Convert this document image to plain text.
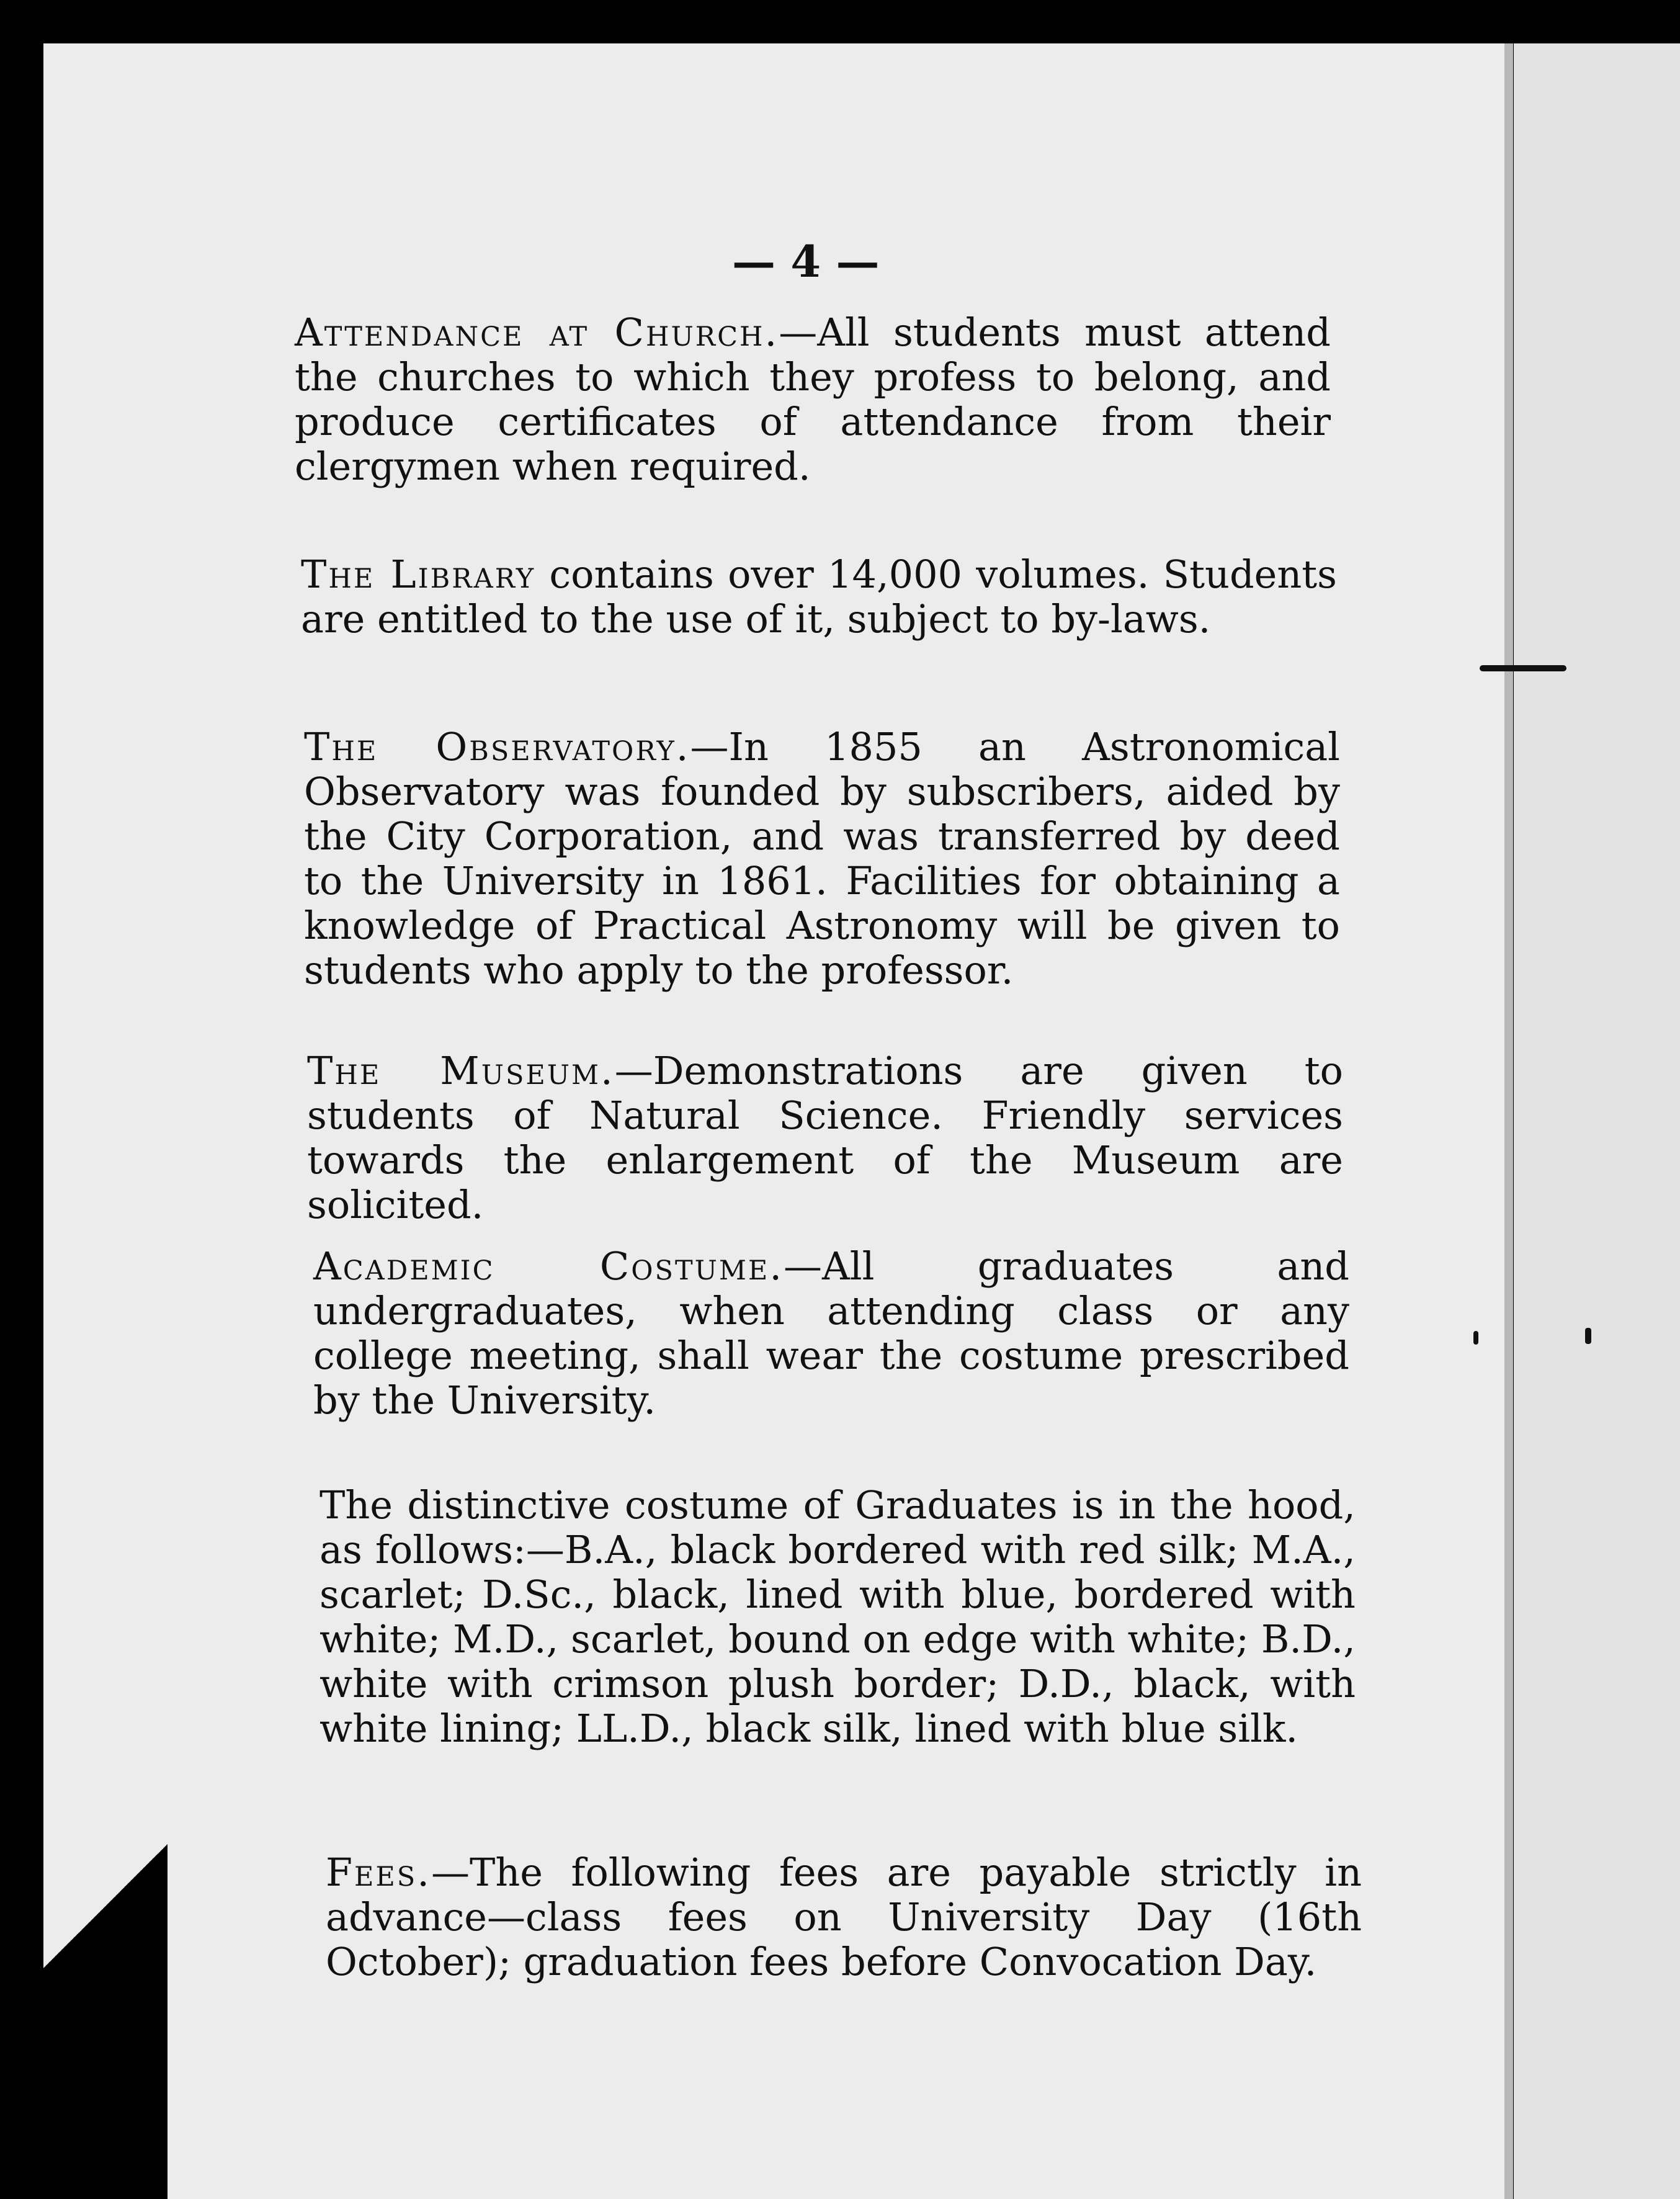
— 4 —

Attendance at Church.—All students must attend the churches to which they profess to belong, and produce certificates of attendance from their clergymen when required.

The Library contains over 14,000 volumes. Students are entitled to the use of it, subject to by-laws.

The Observatory.—In 1855 an Astronomical Observatory was founded by subscribers, aided by the City Corporation, and was transferred by deed to the University in 1861. Facilities for obtaining a knowledge of Practical Astronomy will be given to students who apply to the professor.

The Museum.—Demonstrations are given to students of Natural Science. Friendly services towards the enlargement of the Museum are solicited.

Academic Costume.—All graduates and undergraduates, when attending class or any college meeting, shall wear the costume prescribed by the University.

The distinctive costume of Graduates is in the hood, as follows:—B.A., black bordered with red silk; M.A., scarlet; D.Sc., black, lined with blue, bordered with white; M.D., scarlet, bound on edge with white; B.D., white with crimson plush border; D.D., black, with white lining; LL.D., black silk, lined with blue silk.

Fees.—The following fees are payable strictly in advance—class fees on University Day (16th October); graduation fees before Convocation Day.
